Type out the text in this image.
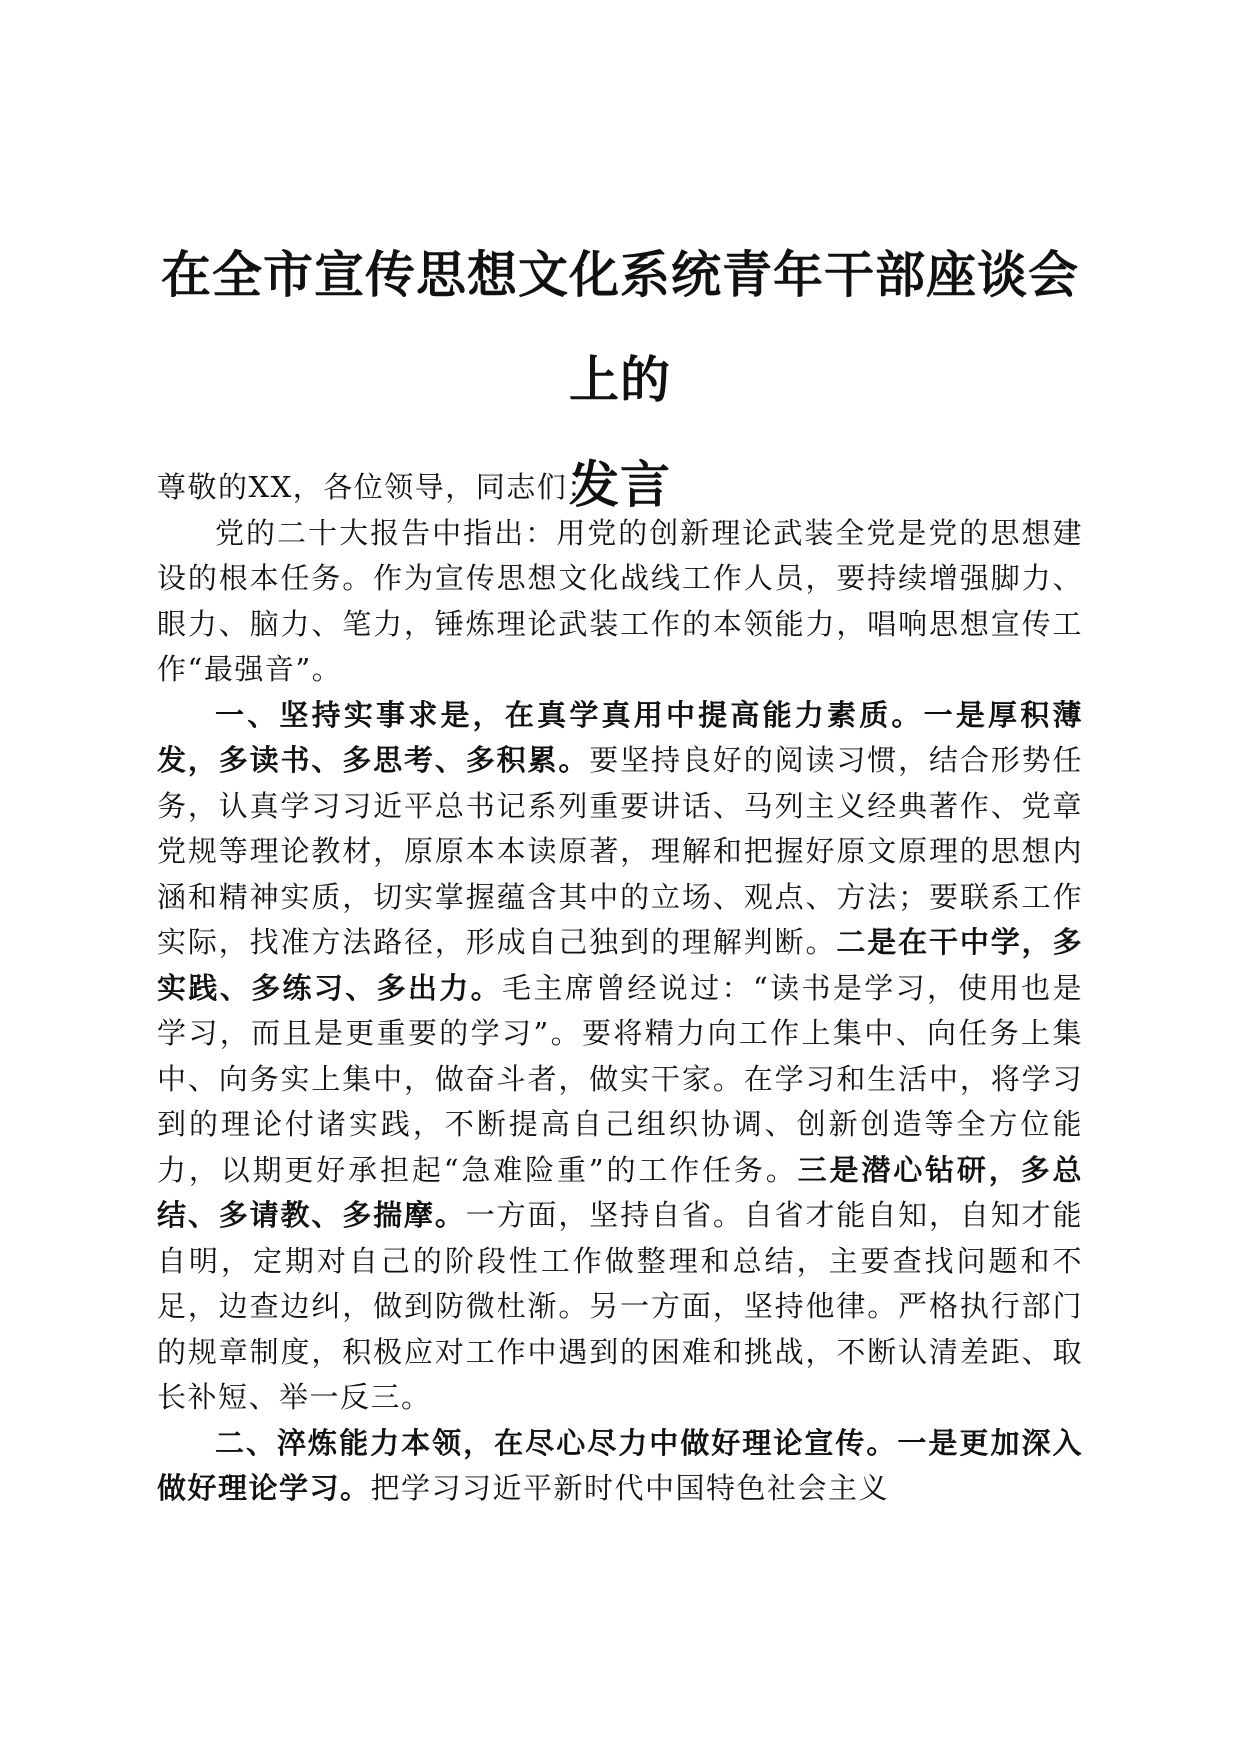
在全市宣传思想文化系统青年干部座谈会上的
发言

尊敬的XX，各位领导，同志们：

党的二十大报告中指出：用党的创新理论武装全党是党的思想建设的根本任务。作为宣传思想文化战线工作人员，要持续增强脚力、眼力、脑力、笔力，锤炼理论武装工作的本领能力，唱响思想宣传工作“最强音”。

一、坚持实事求是，在真学真用中提高能力素质。一是厚积薄发，多读书、多思考、多积累。要坚持良好的阅读习惯，结合形势任务，认真学习习近平总书记系列重要讲话、马列主义经典著作、党章党规等理论教材，原原本本读原著，理解和把握好原文原理的思想内涵和精神实质，切实掌握蕴含其中的立场、观点、方法；要联系工作实际，找准方法路径，形成自己独到的理解判断。二是在干中学，多实践、多练习、多出力。毛主席曾经说过：“读书是学习，使用也是学习，而且是更重要的学习”。要将精力向工作上集中、向任务上集中、向务实上集中，做奋斗者，做实干家。在学习和生活中，将学习到的理论付诸实践，不断提高自己组织协调、创新创造等全方位能力，以期更好承担起“急难险重”的工作任务。三是潜心钻研，多总结、多请教、多揣摩。一方面，坚持自省。自省才能自知，自知才能自明，定期对自己的阶段性工作做整理和总结，主要查找问题和不足，边查边纠，做到防微杜渐。另一方面，坚持他律。严格执行部门的规章制度，积极应对工作中遇到的困难和挑战，不断认清差距、取长补短、举一反三。

二、淬炼能力本领，在尽心尽力中做好理论宣传。一是更加深入做好理论学习。把学习习近平新时代中国特色社会主义
